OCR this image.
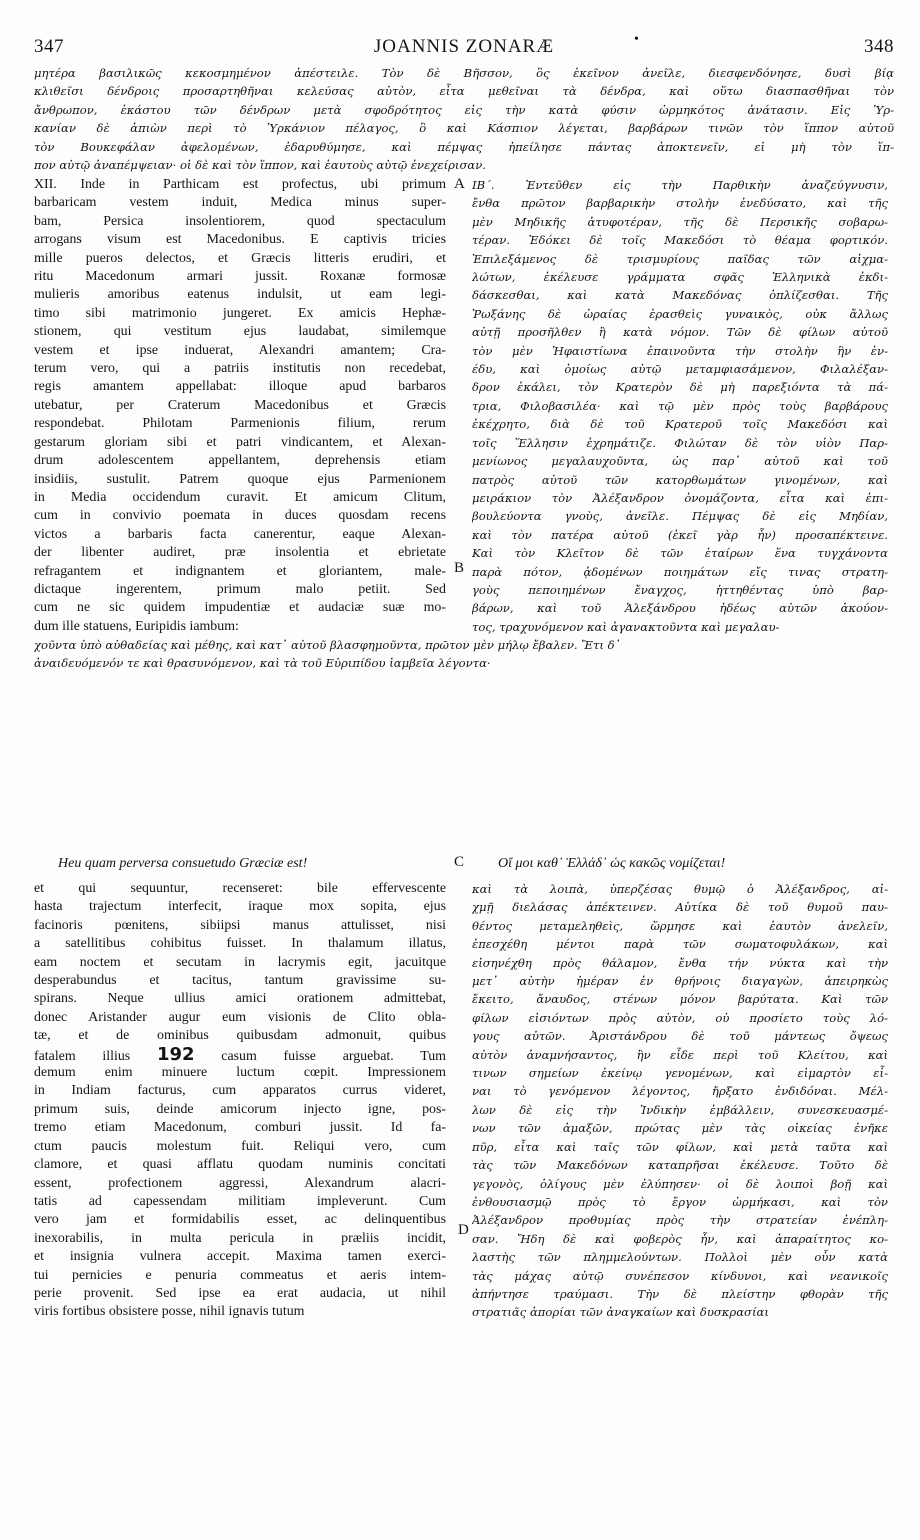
347	JOANNIS ZONARÆ	•	348
μητέρα βασιλικῶς κεκοσμημένον ἀπέστειλε. Τὸν δὲ Βῆσσον, ὃς ἐκεῖνον ἀνεῖλε, διεσφενδόνησε, δυσὶ βίᾳ
κλιθεῖσι δένδροις προσαρτηθῆναι κελεύσας αὐτὸν, εἶτα μεθεῖναι τὰ δένδρα, καὶ οὕτω διασπασθῆναι τὸν
ἄνθρωπον, ἑκάστου τῶν δένδρων μετὰ σφοδρότητος εἰς τὴν κατὰ φύσιν ὡρμηκότος ἀνάτασιν. Εἰς Ὑρ-
κανίαν δὲ ἀπιὼν περὶ τὸ Ὑρκάνιον πέλαγος, ὃ καὶ Κάσπιον λέγεται, βαρβάρων τινῶν τὸν ἵππον αὐτοῦ
τὸν Βουκεφάλαν ἀφελομένων, ἐδαρυθύμησε, καὶ πέμψας ἠπείλησε πάντας ἀποκτενεῖν, εἰ μὴ τὸν ἵπ-
πον αὐτῷ ἀναπέμψειαν· οἱ δὲ καὶ τὸν ἵππον, καὶ ἑαυτοὺς αὐτῷ ἐνεχείρισαν.
XII. Inde in Parthicam est profectus, ubi primum
barbaricam vestem induit, Medica minus super-
bam, Persica insolentiorem, quod spectaculum
arrogans visum est Macedonibus. E captivis tricies
mille pueros delectos, et Græcis litteris erudiri, et
ritu Macedonum armari jussit. Roxanæ formosæ
mulieris amoribus eatenus indulsit, ut eam legi-
timo sibi matrimonio jungeret. Ex amicis Hephæ-
stionem, qui vestitum ejus laudabat, similemque
vestem et ipse induerat, Alexandri amantem; Cra-
terum vero, qui a patriis institutis non recedebat,
regis amantem appellabat: illoque apud barbaros
utebatur, per Craterum Macedonibus et Græcis
respondebat. Philotam Parmenionis filium, rerum
gestarum gloriam sibi et patri vindicantem, et Alexan-
drum adolescentem appellantem, deprehensis etiam
insidiis, sustulit. Patrem quoque ejus Parmenionem
in Media occidendum curavit. Et amicum Clitum,
cum in convivio poemata in duces quosdam recens
victos a barbaris facta canerentur, eaque Alexan-
der libenter audiret, præ insolentia et ebrietate
refragantem et indignantem et gloriantem, male-
dictaque ingerentem, primum malo petiit. Sed
cum ne sic quidem impudentiæ et audaciæ suæ mo-
dum ille statuens, Euripidis iambum:
ΙΒ´. Ἐντεῦθεν εἰς τὴν Παρθικὴν ἀναζεύγνυσιν,
ἔνθα πρῶτον βαρβαρικὴν στολὴν ἐνεδύσατο, καὶ τῆς
μὲν Μηδικῆς ἀτυφοτέραν, τῆς δὲ Περσικῆς σοβαρω-
τέραν. Ἐδόκει δὲ τοῖς Μακεδόσι τὸ θέαμα φορτικόν.
Ἐπιλεξάμενος δὲ τρισμυρίους παῖδας τῶν αἰχμα-
λώτων, ἐκέλευσε γράμματα σφᾶς Ἑλληνικὰ ἐκδι-
δάσκεσθαι, καὶ κατὰ Μακεδόνας ὁπλίζεσθαι. Τῆς
Ῥωξάνης δὲ ὡραίας ἐρασθεὶς γυναικὸς, οὐκ ἄλλως
αὐτῇ προσῆλθεν ἢ κατὰ νόμον. Τῶν δὲ φίλων αὐτοῦ
τὸν μὲν Ἡφαιστίωνα ἐπαινοῦντα τὴν στολὴν ἣν ἐν-
έδυ, καὶ ὁμοίως αὐτῷ μεταμφιασάμενον, Φιλαλέξαν-
δρον ἐκάλει, τὸν Κρατερὸν δὲ μὴ παρεξιόντα τὰ πά-
τρια, Φιλοβασιλέα· καὶ τῷ μὲν πρὸς τοὺς βαρβάρους
ἐκέχρητο, διὰ δὲ τοῦ Κρατεροῦ τοῖς Μακεδόσι καὶ
τοῖς Ἕλλησιν ἐχρημάτιζε. Φιλώταν δὲ τὸν υἱὸν Παρ-
μενίωνος μεγαλαυχοῦντα, ὡς παρ᾽ αὐτοῦ καὶ τοῦ
πατρὸς αὐτοῦ τῶν κατορθωμάτων γινομένων, καὶ
μειράκιον τὸν Ἀλέξανδρον ὀνομάζοντα, εἶτα καὶ ἐπι-
βουλεύοντα γνοὺς, ἀνεῖλε. Πέμψας δὲ εἰς Μηδίαν,
καὶ τὸν πατέρα αὐτοῦ (ἐκεῖ γὰρ ἦν) προσαπέκτεινε.
Καὶ τὸν Κλεῖτον δὲ τῶν ἑταίρων ἕνα τυγχάνοντα
παρὰ πότον, ᾀδομένων ποιημάτων εἴς τινας στρατη-
γοὺς πεποιημένων ἔναγχος, ἡττηθέντας ὑπὸ βαρ-
βάρων, καὶ τοῦ Ἀλεξάνδρου ἡδέως αὐτῶν ἀκούον-
τος, τραχυνόμενον καὶ ἀγανακτοῦντα καὶ μεγαλαυ-
A
B
χοῦντα ὑπὸ αὐθαδείας καὶ μέθης, καὶ κατ᾽ αὐτοῦ βλασφημοῦντα, πρῶτον μὲν μήλῳ ἔβαλεν. Ἔτι δ᾽
ἀναιδευόμενόν τε καὶ θρασυνόμενον, καὶ τὰ τοῦ Εὐριπίδου ἰαμβεῖα λέγοντα·
Heu quam perversa consuetudo Græciæ est!	C Οἴ μοι καθ᾽ Ἑλλάδ᾽ ὡς κακῶς νομίζεται!
et qui sequuntur, recenseret: bile effervescente
hasta trajectum interfecit, iraque mox sopita, ejus
facinoris pœnitens, sibiipsi manus attulisset, nisi
a satellitibus cohibitus fuisset. In thalamum illatus,
eam noctem et secutam in lacrymis egit, jacuitque
desperabundus et tacitus, tantum gravissime su-
spirans. Neque ullius amici orationem admittebat,
donec Aristander augur eum visionis de Clito obla-
tæ, et de ominibus quibusdam admonuit, quibus

demum enim minuere luctum cœpit. Impressionem
in Indiam facturus, cum apparatos currus videret,
primum suis, deinde amicorum injecto igne, pos-
tremo etiam Macedonum, comburi jussit. Id fa-
ctum paucis molestum fuit. Reliqui vero, cum
clamore, et quasi afflatu quodam numinis concitati
essent, profectionem aggressi, Alexandrum alacri-
tatis ad capessendam militiam impleverunt. Cum
vero jam et formidabilis esset, ac delinquentibus
inexorabilis, in multa pericula in præliis incidit,
et insignia vulnera accepit. Maxima tamen exerci-
tui pernicies e penuria commeatus et aeris intem-
perie provenit. Sed ipse ea erat audacia, ut nihil
viris fortibus obsistere posse, nihil ignavis tutum
fatalem illius 192 casum fuisse arguebat. Tum
D
καὶ τὰ λοιπὰ, ὑπερζέσας θυμῷ ὁ Ἀλέξανδρος, αἰ-
χμῇ διελάσας ἀπέκτεινεν. Αὐτίκα δὲ τοῦ θυμοῦ παυ-
θέντος μεταμεληθεὶς, ὥρμησε καὶ ἑαυτὸν ἀνελεῖν,
ἐπεσχέθη μέντοι παρὰ τῶν σωματοφυλάκων, καὶ
εἰσηνέχθη πρὸς θάλαμον, ἔνθα τήν νύκτα καὶ τὴν
μετ᾽ αὐτὴν ἡμέραν ἐν θρήνοις διαγαγὼν, ἀπειρηκὼς
ἔκειτο, ἄναυδος, στένων μόνον βαρύτατα. Καὶ τῶν
φίλων εἰσιόντων πρὸς αὐτὸν, οὐ προσίετο τοὺς λό-
γους αὐτῶν. Ἀριστάνδρου δὲ τοῦ μάντεως ὄψεως
αὐτὸν ἀναμνήσαντος, ἣν εἶδε περὶ τοῦ Κλείτου, καὶ
τινων σημείων ἐκείνῳ γενομένων, καὶ εἱμαρτὸν εἶ-
ναι τὸ γενόμενον λέγοντος, ἤρξατο ἐνδιδόναι. Μέλ-
λων δὲ εἰς τὴν Ἰνδικὴν ἐμβάλλειν, συνεσκευασμέ-
νων τῶν ἁμαξῶν, πρώτας μὲν τὰς οἰκείας ἐνῆκε
πῦρ, εἶτα καὶ ταῖς τῶν φίλων, καὶ μετὰ ταῦτα καὶ
τὰς τῶν Μακεδόνων καταπρῆσαι ἐκέλευσε. Τοῦτο δὲ
γεγονὸς, ὀλίγους μὲν ἐλύπησεν· οἱ δὲ λοιποὶ βοῇ καὶ
ἐνθουσιασμῷ πρὸς τὸ ἔργον ὡρμήκασι, καὶ τὸν
Ἀλέξανδρον προθυμίας πρὸς τὴν στρατείαν ἐνέπλη-
σαν. Ἤδη δὲ καὶ φοβερὸς ἦν, καὶ ἀπαραίτητος κο-
λαστὴς τῶν πλημμελούντων. Πολλοὶ μὲν οὖν κατὰ
τὰς μάχας αὐτῷ συνέπεσον κίνδυνοι, καὶ νεανικοῖς
ἀπήντησε τραύμασι. Τὴν δὲ πλείστην φθορὰν τῆς
στρατιᾶς ἀπορίαι τῶν ἀναγκαίων καὶ δυσκρασίαι
